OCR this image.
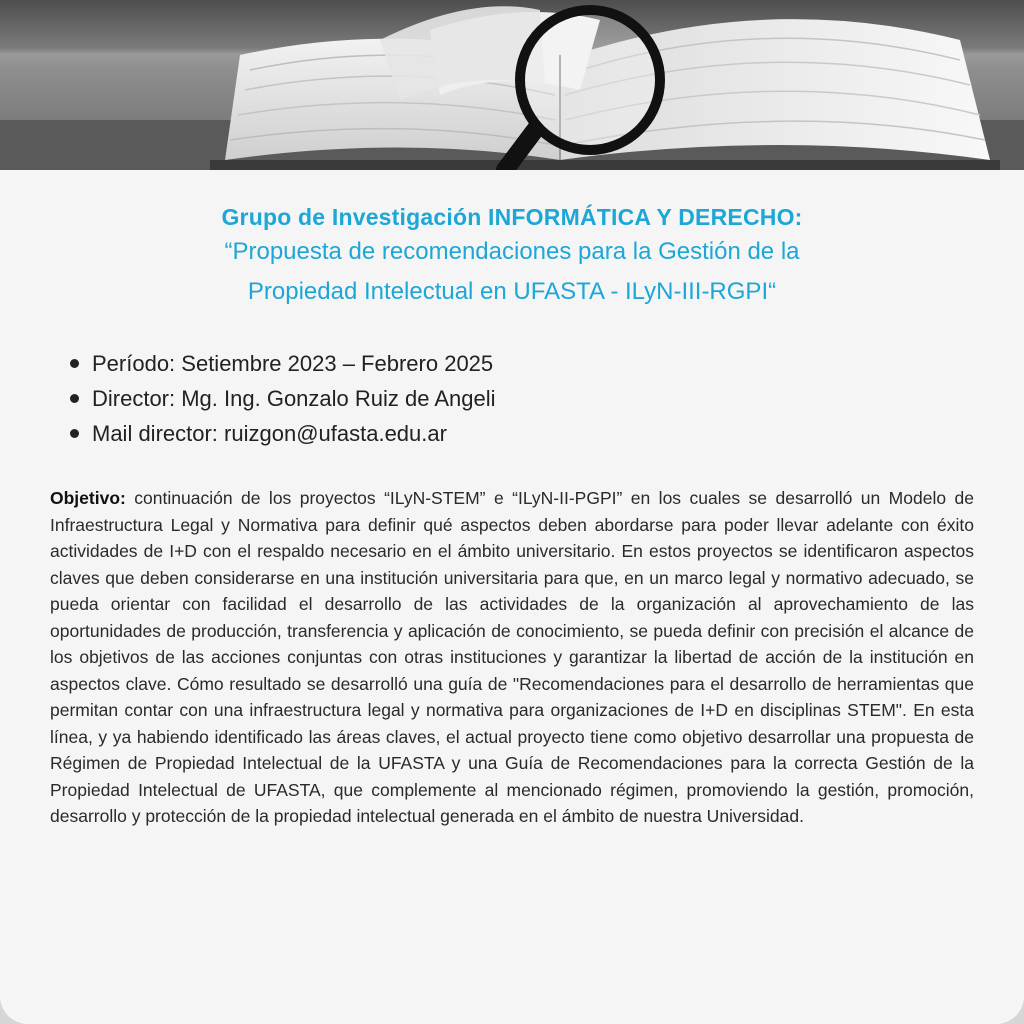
Grupo de Investigación INFORMÁTICA Y DERECHO:
“Propuesta de recomendaciones para la Gestión de la
Propiedad Intelectual en UFASTA - ILyN-III-RGPI“
Período: Setiembre 2023 – Febrero 2025
Director: Mg. Ing. Gonzalo Ruiz de Angeli
Mail director: ruizgon@ufasta.edu.ar

Objetivo: continuación de los proyectos “ILyN-STEM” e “ILyN-II-PGPI” en los cuales se desarrolló un Modelo de Infraestructura Legal y Normativa para definir qué aspectos deben abordarse para poder llevar adelante con éxito actividades de I+D con el respaldo necesario en el ámbito universitario. En estos proyectos se identificaron aspectos claves que deben considerarse en una institución universitaria para que, en un marco legal y normativo adecuado, se pueda orientar con facilidad el desarrollo de las actividades de la organización al aprovechamiento de las oportunidades de producción, transferencia y aplicación de conocimiento, se pueda definir con precisión el alcance de los objetivos de las acciones conjuntas con otras instituciones y garantizar la libertad de acción de la institución en aspectos clave. Cómo resultado se desarrolló una guía de "Recomendaciones para el desarrollo de herramientas que permitan contar con una infraestructura legal y normativa para organizaciones de I+D en disciplinas STEM". En esta línea, y ya habiendo identificado las áreas claves, el actual proyecto tiene como objetivo desarrollar una propuesta de Régimen de Propiedad Intelectual de la UFASTA y una Guía de Recomendaciones para la correcta Gestión de la Propiedad Intelectual de UFASTA, que complemente al mencionado régimen, promoviendo la gestión, promoción, desarrollo y protección de la propiedad intelectual generada en el ámbito de nuestra Universidad.
